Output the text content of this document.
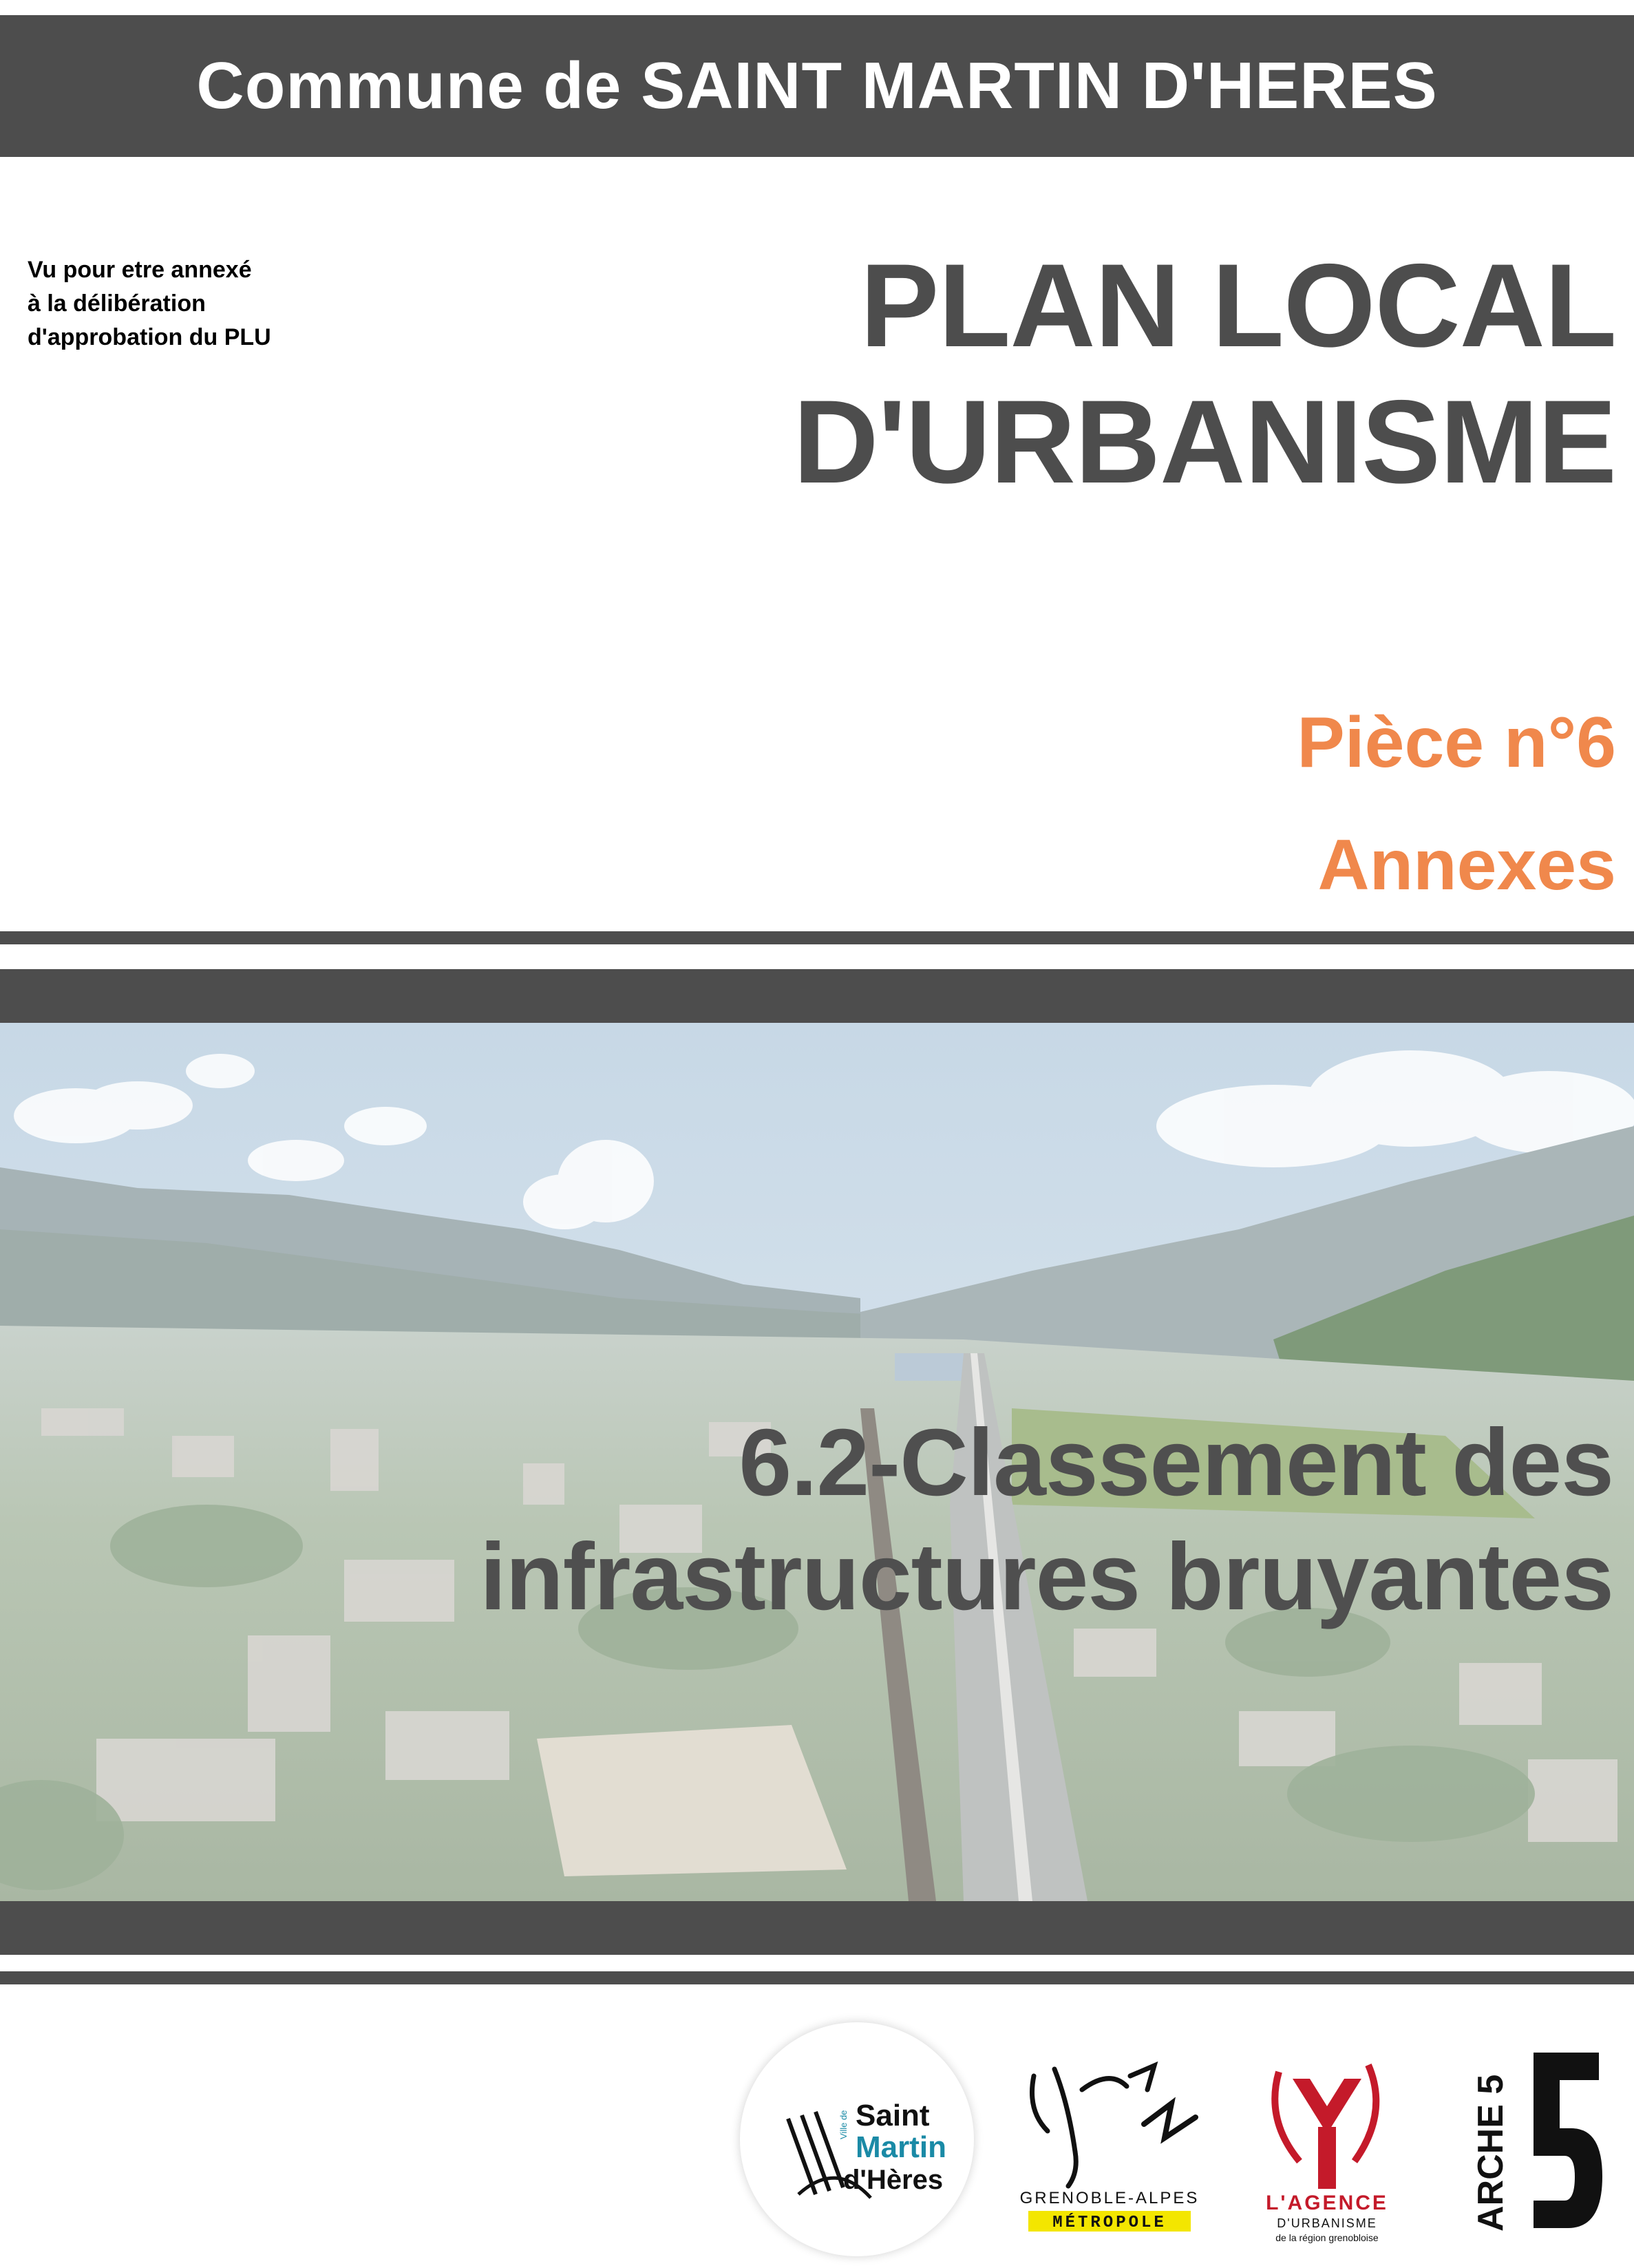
Commune de SAINT MARTIN D'HERES
Vu pour etre annexé
à la délibération
d'approbation du PLU	PLAN LOCAL
D'URBANISME
Pièce n°6
Annexes
6.2-Classement des
infrastructures bruyantes
Ville de Saint
Martin
d'Hères
GRENOBLE-ALPES
MÉTROPOLE
L'AGENCE
D'URBANISME
de la région grenobloise
ARCHE 5
